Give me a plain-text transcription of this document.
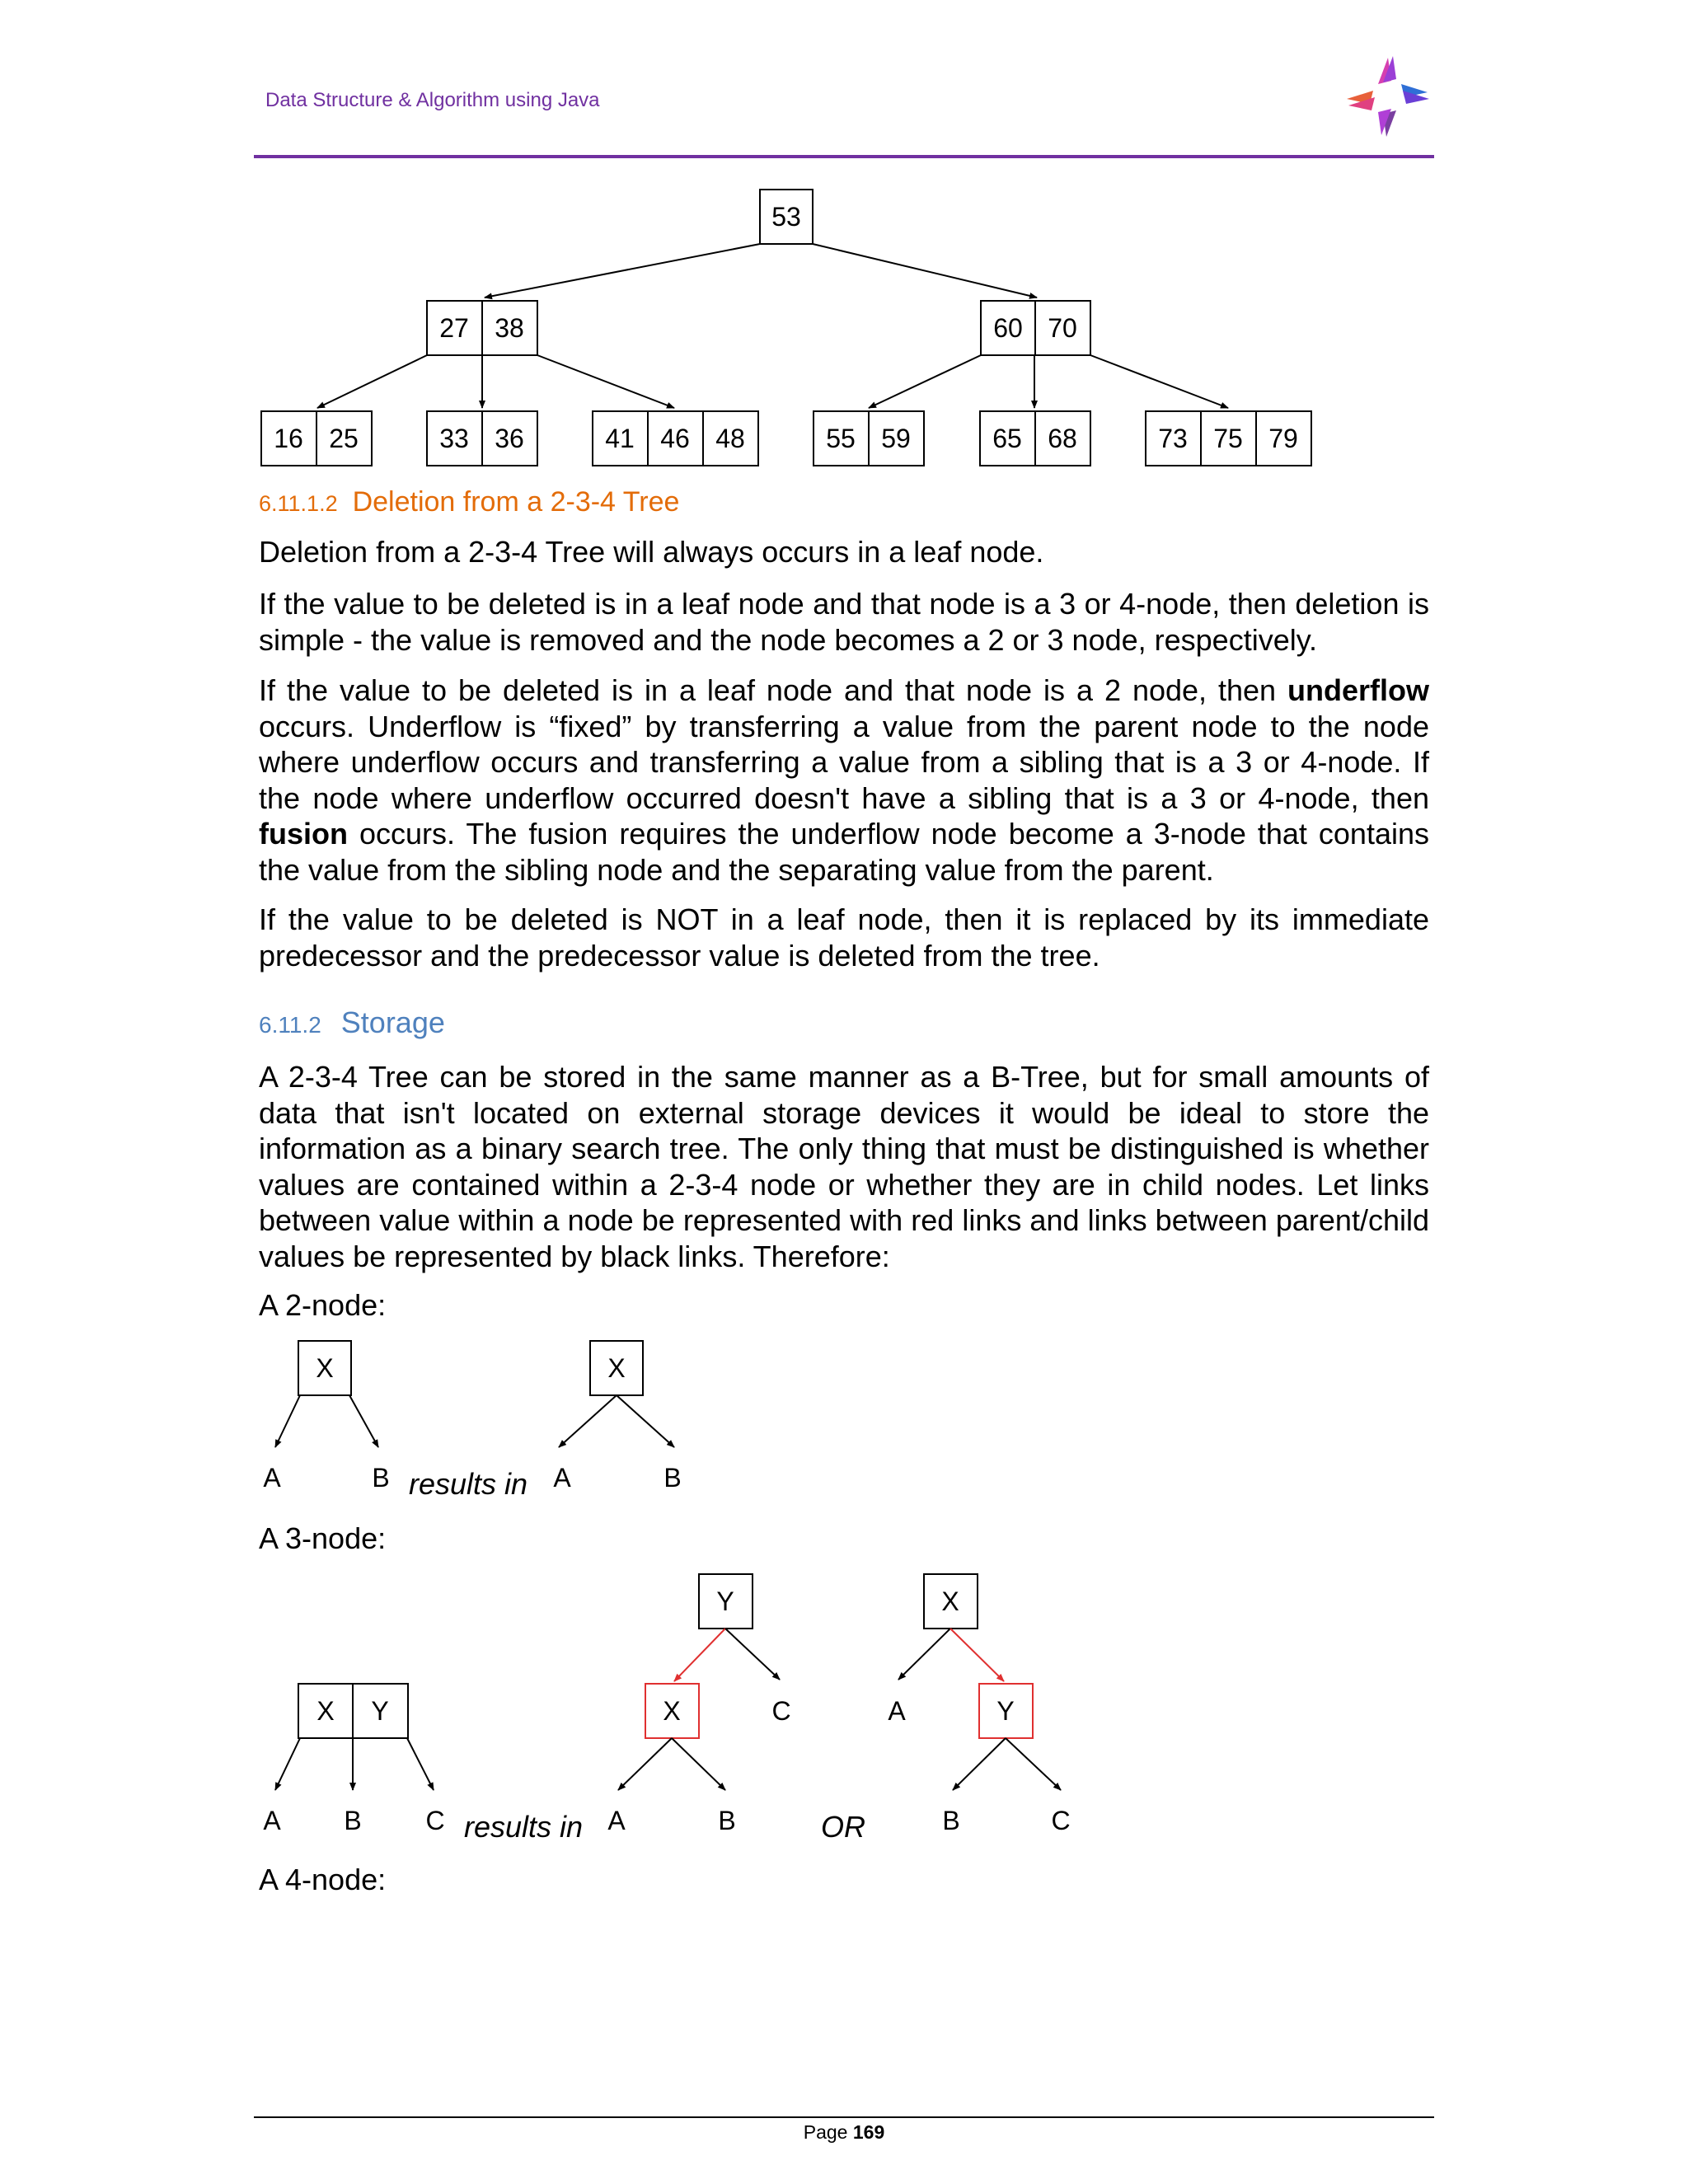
Data Structure & Algorithm using Java
53
27 38	60 70
16 25	33 36	41 46 48	55 59	65 68	73 75 79
X
A	B
X
A	B
X Y
A B C
Y
X	C
A	B
X
A	Y
B	C
6.11.1.2 Deletion from a 2-3-4 Tree
Deletion from a 2-3-4 Tree will always occurs in a leaf node.
If the value to be deleted is in a leaf node and that node is a 3 or 4-node, then deletion is simple - the value is removed and the node becomes a 2 or 3 node, respectively.
If the value to be deleted is in a leaf node and that node is a 2 node, then underflow occurs. Underflow is “fixed” by transferring a value from the parent node to the node where underflow occurs and transferring a value from a sibling that is a 3 or 4-node. If the node where underflow occurred doesn't have a sibling that is a 3 or 4-node, then fusion occurs. The fusion requires the underflow node become a 3-node that contains the value from the sibling node and the separating value from the parent.
If the value to be deleted is NOT in a leaf node, then it is replaced by its immediate predecessor and the predecessor value is deleted from the tree.
6.11.2 Storage
A 2-3-4 Tree can be stored in the same manner as a B-Tree, but for small amounts of data that isn't located on external storage devices it would be ideal to store the information as a binary search tree. The only thing that must be distinguished is whether values are contained within a 2-3-4 node or whether they are in child nodes. Let links between value within a node be represented with red links and links between parent/child values be represented by black links. Therefore:
A 2-node:
results in
A 3-node:
results in	OR
A 4-node:
Page 169
